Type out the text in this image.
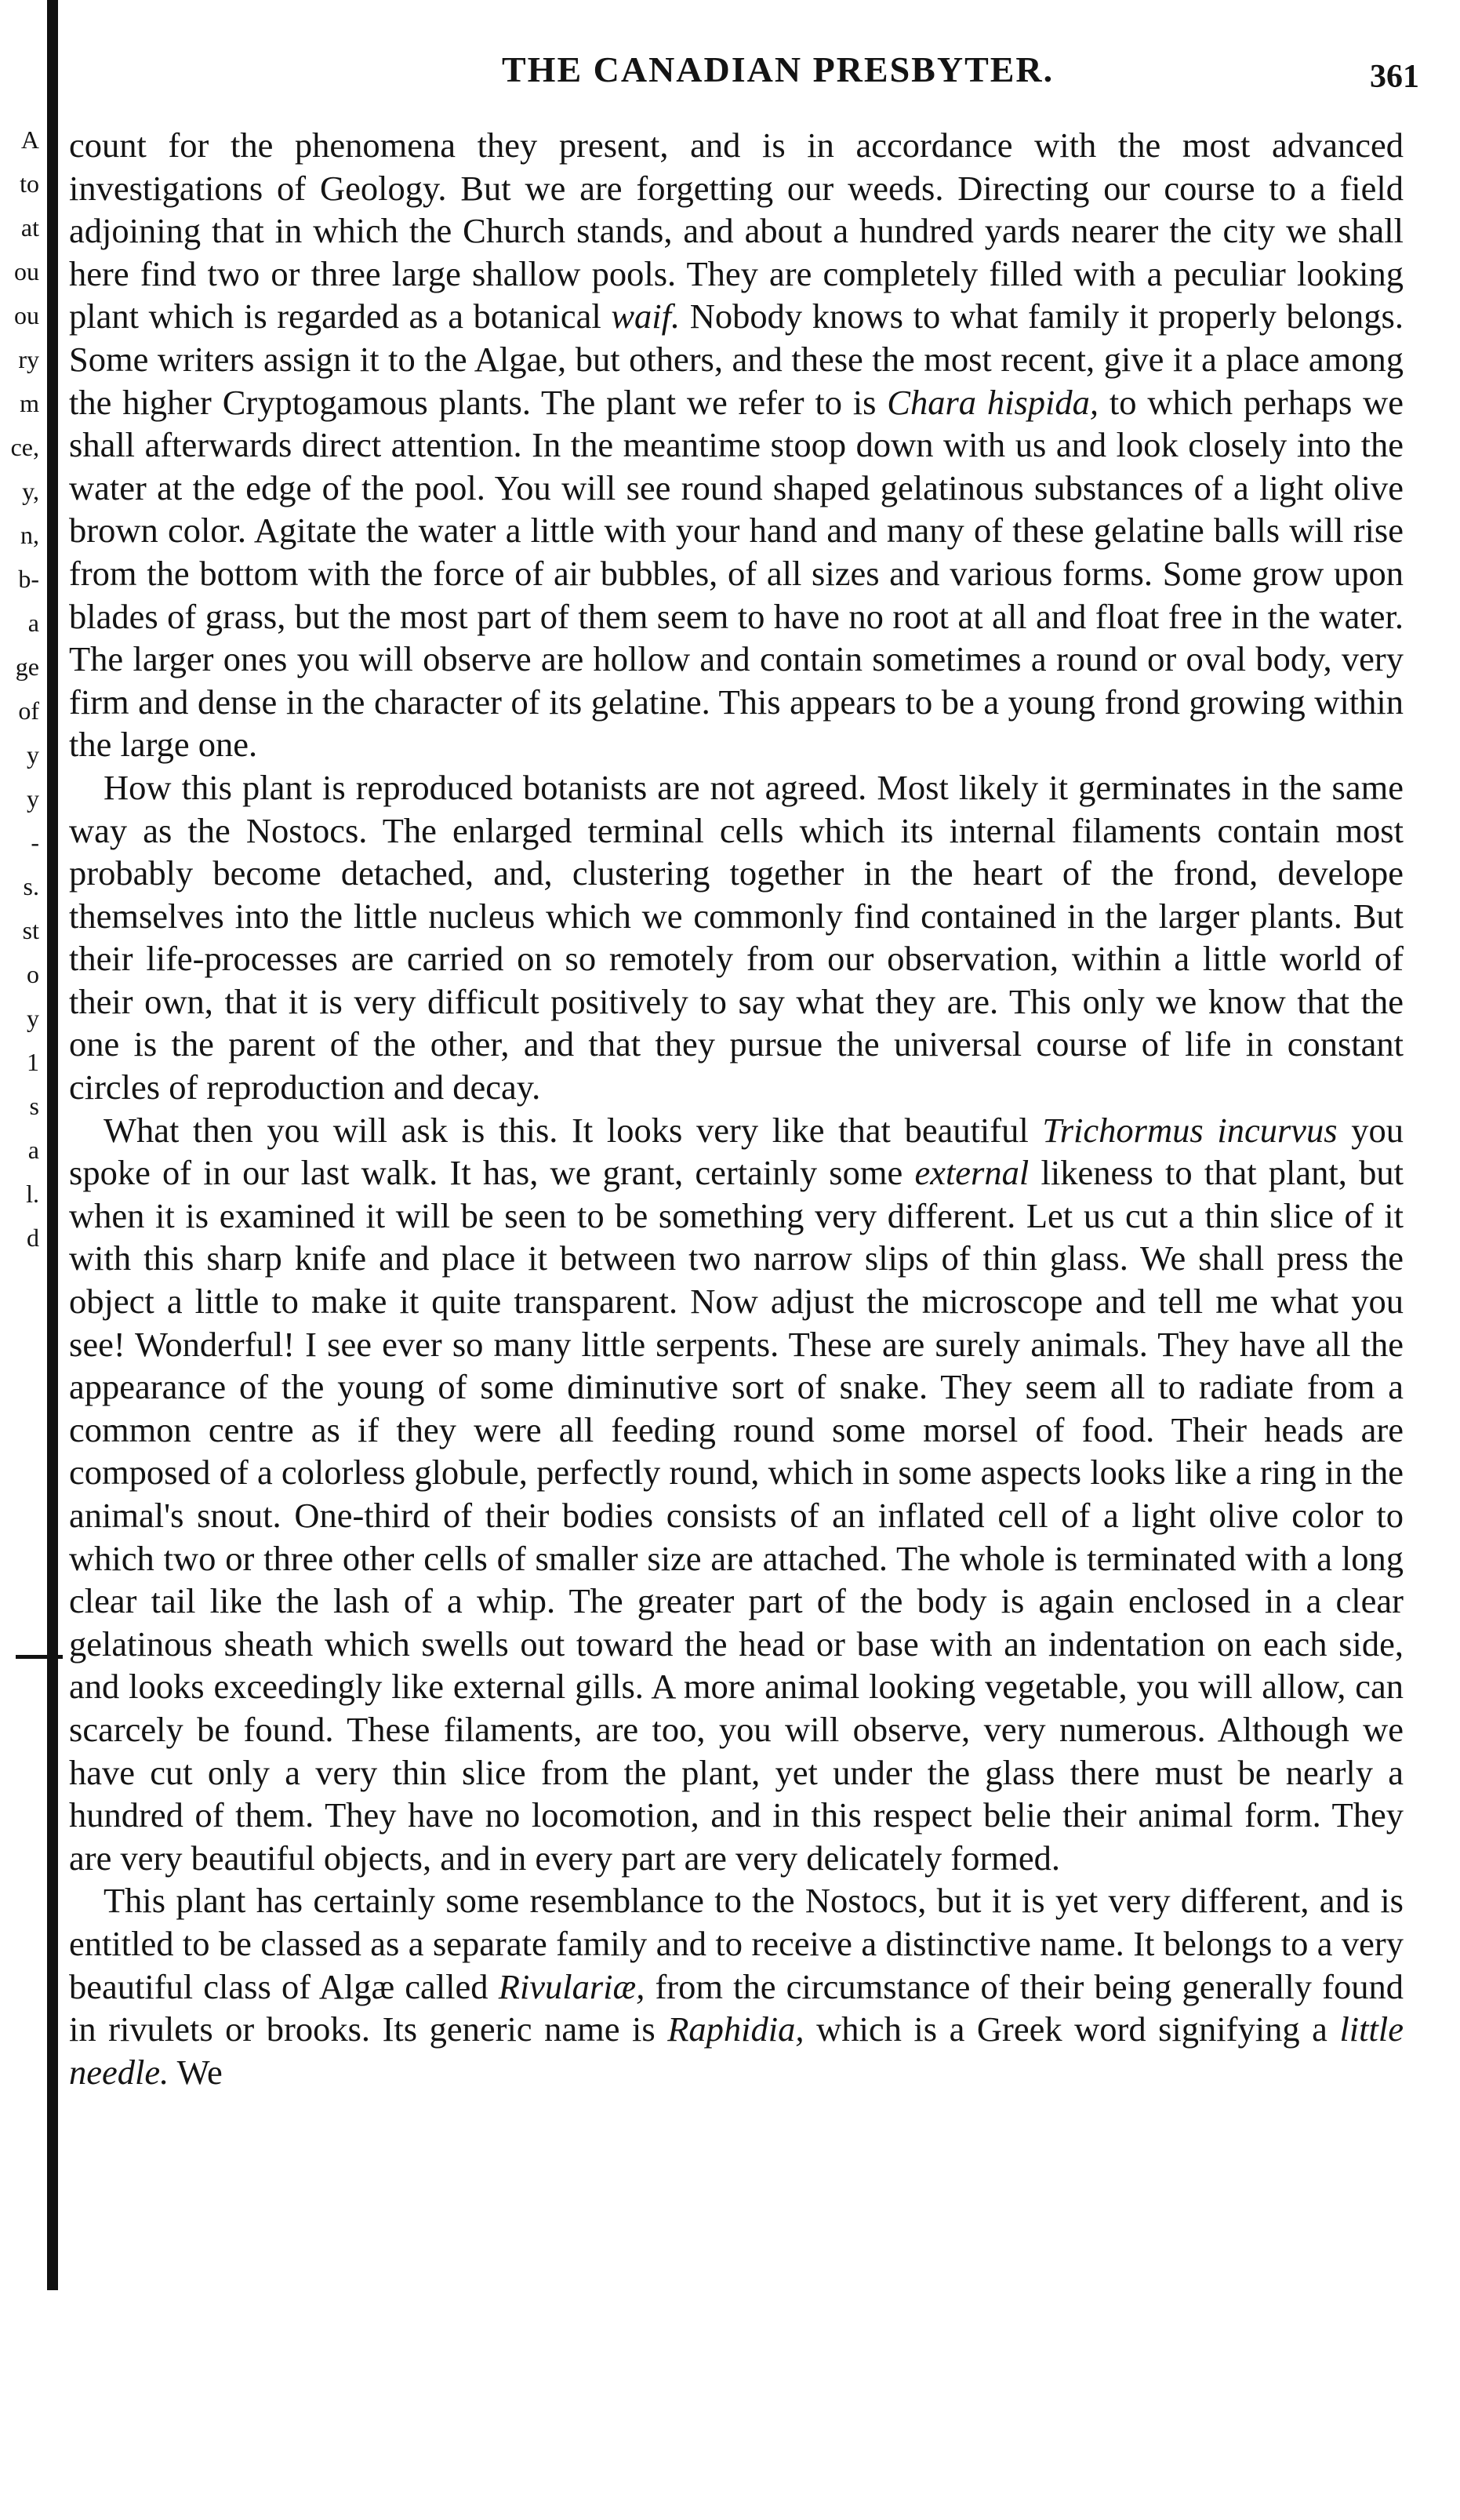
A
to
at
ou
ou
ry
m
ce,
y,
n,
b-
a
ge
of
y
y
-
s.
st
o
y
1
s
a
l.
d
THE CANADIAN PRESBYTER.	361

count for the phenomena they present, and is in accordance with the most advanced investigations of Geology. But we are forgetting our weeds. Directing our course to a field adjoining that in which the Church stands, and about a hundred yards nearer the city we shall here find two or three large shallow pools. They are completely filled with a peculiar looking plant which is regarded as a botanical waif. Nobody knows to what family it properly belongs. Some writers assign it to the Algae, but others, and these the most recent, give it a place among the higher Cryptogamous plants. The plant we refer to is Chara hispida, to which perhaps we shall afterwards direct attention. In the meantime stoop down with us and look closely into the water at the edge of the pool. You will see round shaped gelatinous substances of a light olive brown color. Agitate the water a little with your hand and many of these gelatine balls will rise from the bottom with the force of air bubbles, of all sizes and various forms. Some grow upon blades of grass, but the most part of them seem to have no root at all and float free in the water. The larger ones you will observe are hollow and contain sometimes a round or oval body, very firm and dense in the character of its gelatine. This appears to be a young frond growing within the large one.

How this plant is reproduced botanists are not agreed. Most likely it germinates in the same way as the Nostocs. The enlarged terminal cells which its internal filaments contain most probably become detached, and, clustering together in the heart of the frond, develope themselves into the little nucleus which we commonly find contained in the larger plants. But their life-processes are carried on so remotely from our observation, within a little world of their own, that it is very difficult positively to say what they are. This only we know that the one is the parent of the other, and that they pursue the universal course of life in constant circles of reproduction and decay.

What then you will ask is this. It looks very like that beautiful Trichormus incurvus you spoke of in our last walk. It has, we grant, certainly some external likeness to that plant, but when it is examined it will be seen to be something very different. Let us cut a thin slice of it with this sharp knife and place it between two narrow slips of thin glass. We shall press the object a little to make it quite transparent. Now adjust the microscope and tell me what you see! Wonderful! I see ever so many little serpents. These are surely animals. They have all the appearance of the young of some diminutive sort of snake. They seem all to radiate from a common centre as if they were all feeding round some morsel of food. Their heads are composed of a colorless globule, perfectly round, which in some aspects looks like a ring in the animal's snout. One-third of their bodies consists of an inflated cell of a light olive color to which two or three other cells of smaller size are attached. The whole is terminated with a long clear tail like the lash of a whip. The greater part of the body is again enclosed in a clear gelatinous sheath which swells out toward the head or base with an indentation on each side, and looks exceedingly like external gills. A more animal looking vegetable, you will allow, can scarcely be found. These filaments, are too, you will observe, very numerous. Although we have cut only a very thin slice from the plant, yet under the glass there must be nearly a hundred of them. They have no locomotion, and in this respect belie their animal form. They are very beautiful objects, and in every part are very delicately formed.

This plant has certainly some resemblance to the Nostocs, but it is yet very different, and is entitled to be classed as a separate family and to receive a distinctive name. It belongs to a very beautiful class of Algæ called Rivulariæ, from the circumstance of their being generally found in rivulets or brooks. Its generic name is Raphidia, which is a Greek word signifying a little needle. We
